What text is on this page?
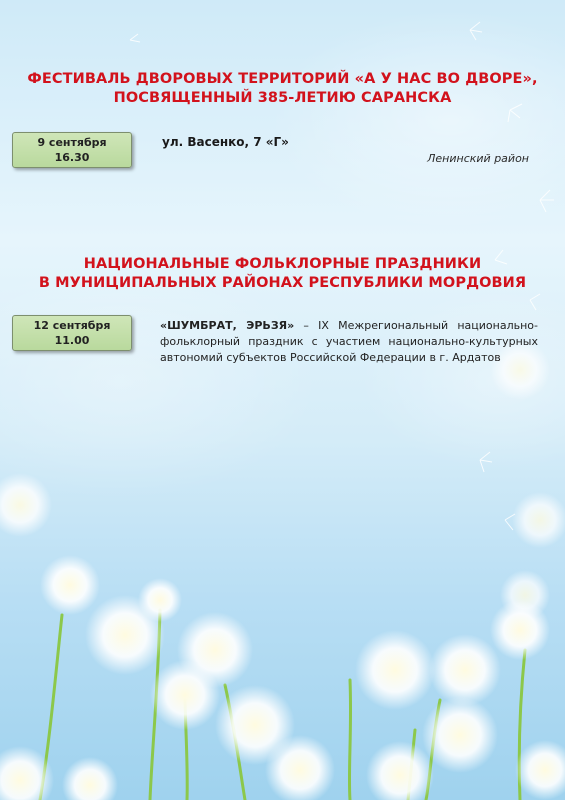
ФЕСТИВАЛЬ ДВОРОВЫХ ТЕРРИТОРИЙ «А У НАС ВО ДВОРЕ»,
ПОСВЯЩЕННЫЙ 385-ЛЕТИЮ САРАНСКА
9 сентября
16.30
ул. Васенко, 7 «Г»
Ленинский район
НАЦИОНАЛЬНЫЕ ФОЛЬКЛОРНЫЕ ПРАЗДНИКИ
В МУНИЦИПАЛЬНЫХ РАЙОНАХ РЕСПУБЛИКИ МОРДОВИЯ
12 сентября
11.00
«ШУМБРАТ, ЭРЬЗЯ» – IX Межрегиональный национально-фольклорный праздник с участием национально-культурных автономий субъектов Российской Федерации в г. Ардатов
